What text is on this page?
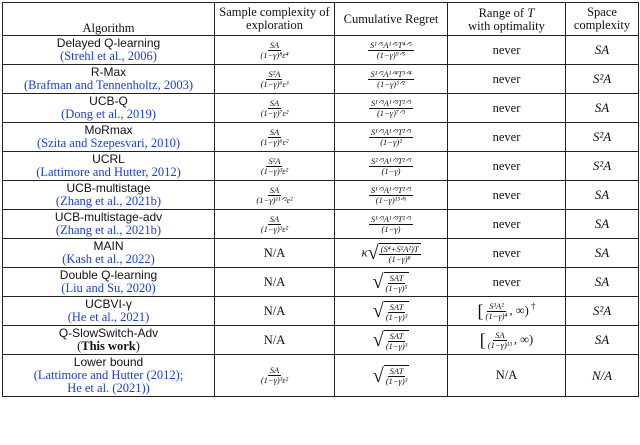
Algorithm	Sample complexity of exploration	Cumulative Regret	Range of T
with optimality	Space complexity

Delayed Q-learning
(Strehl et al., 2006)	$\frac{SA}{\text{(1−γ)⁸ε⁴}}$	$\frac{\text{S¹ᐟ⁵A¹ᐟ⁵T⁴ᐟ⁵}}{\text{(1−γ)⁹ᐟ⁵}}$	never	SA

R-Max
(Brafman and Tennenholtz, 2003)	$\frac{\text{S²A}}{\text{(1−γ)⁶ε³}}$	$\frac{\text{S¹ᐟ²A¹ᐟ⁴T³ᐟ⁴}}{\text{(1−γ)³ᐟ²}}$	never	S²A

UCB-Q
(Dong et al., 2019)	$\frac{SA}{\text{(1−γ)⁷ε²}}$	$\frac{\text{S¹ᐟ³A¹ᐟ³T²ᐟ³}}{\text{(1−γ)⁷ᐟ³}}$	never	SA

MoRmax
(Szita and Szepesvari, 2010)	$\frac{SA}{\text{(1−γ)⁶ε²}}$	$\frac{\text{S¹ᐟ³A¹ᐟ³T²ᐟ³}}{\text{(1−γ)²}}$	never	S²A

UCRL
(Lattimore and Hutter, 2012)	$\frac{\text{S²A}}{\text{(1−γ)³ε²}}$	$\frac{\text{S²ᐟ³A¹ᐟ³T²ᐟ³}}{(1-\gamma)}$	never	S²A

UCB-multistage
(Zhang et al., 2021b)	$\frac{SA}{\text{(1−γ)¹¹ᐟ²ε²}}$	$\frac{\text{S¹ᐟ³A¹ᐟ³T²ᐟ³}}{\text{(1−γ)¹³ᐟ⁶}}$	never	SA

UCB-multistage-adv
(Zhang et al., 2021b)	$\frac{SA}{\text{(1−γ)³ε²}}$	$\frac{\text{S¹ᐟ³A¹ᐟ³T²ᐟ³}}{(1-\gamma)}$	never	SA

MAIN
(Kash et al., 2022)	N/A	κ √ $\frac{\text{(S⁴+S²A²)T}}{\text{(1−γ)⁸}}$	never	SA

Double Q-learning
(Liu and Su, 2020)	N/A	√ $\frac{\text{SAT}}{\text{(1−γ)⁵}}$	never	SA

UCBVI-γ
(He et al., 2021)	N/A	√ $\frac{\text{SAT}}{\text{(1−γ)³}}$	[ $\frac{\text{S³A²}}{\text{(1−γ)⁴}}$ , ∞) †	S²A

Q-SlowSwitch-Adv
(This work)	N/A	√ $\frac{\text{SAT}}{\text{(1−γ)³}}$	[ $\frac{SA}{\text{(1−γ)¹³}}$ , ∞)	SA

Lower bound
(Lattimore and Hutter (2012);
He et al. (2021))	$\frac{SA}{\text{(1−γ)³ε²}}$	√ $\frac{\text{SAT}}{\text{(1−γ)³}}$	N/A	N/A
